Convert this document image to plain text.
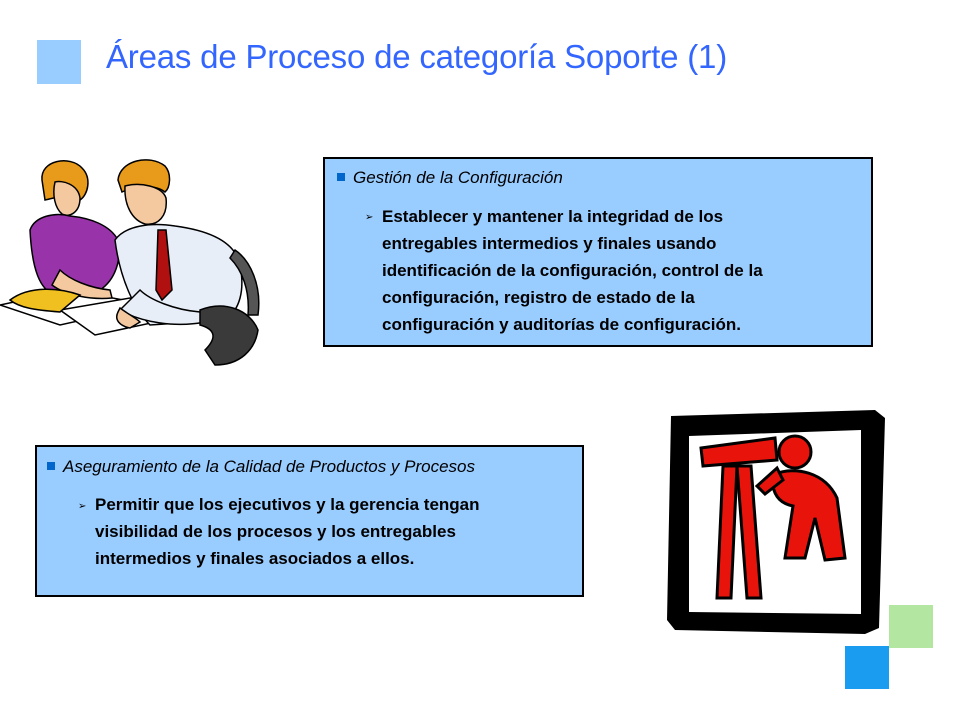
Áreas de Proceso de categoría Soporte (1)
Gestión de la Configuración
➢ Establecer y mantener la integridad de los
entregables intermedios y finales usando
identificación de la configuración, control de la
configuración, registro de estado de la
configuración y auditorías de configuración.
Aseguramiento de la Calidad de Productos y Procesos
➢ Permitir que los ejecutivos y la gerencia tengan
visibilidad de los procesos y los entregables
intermedios y finales asociados a ellos.
